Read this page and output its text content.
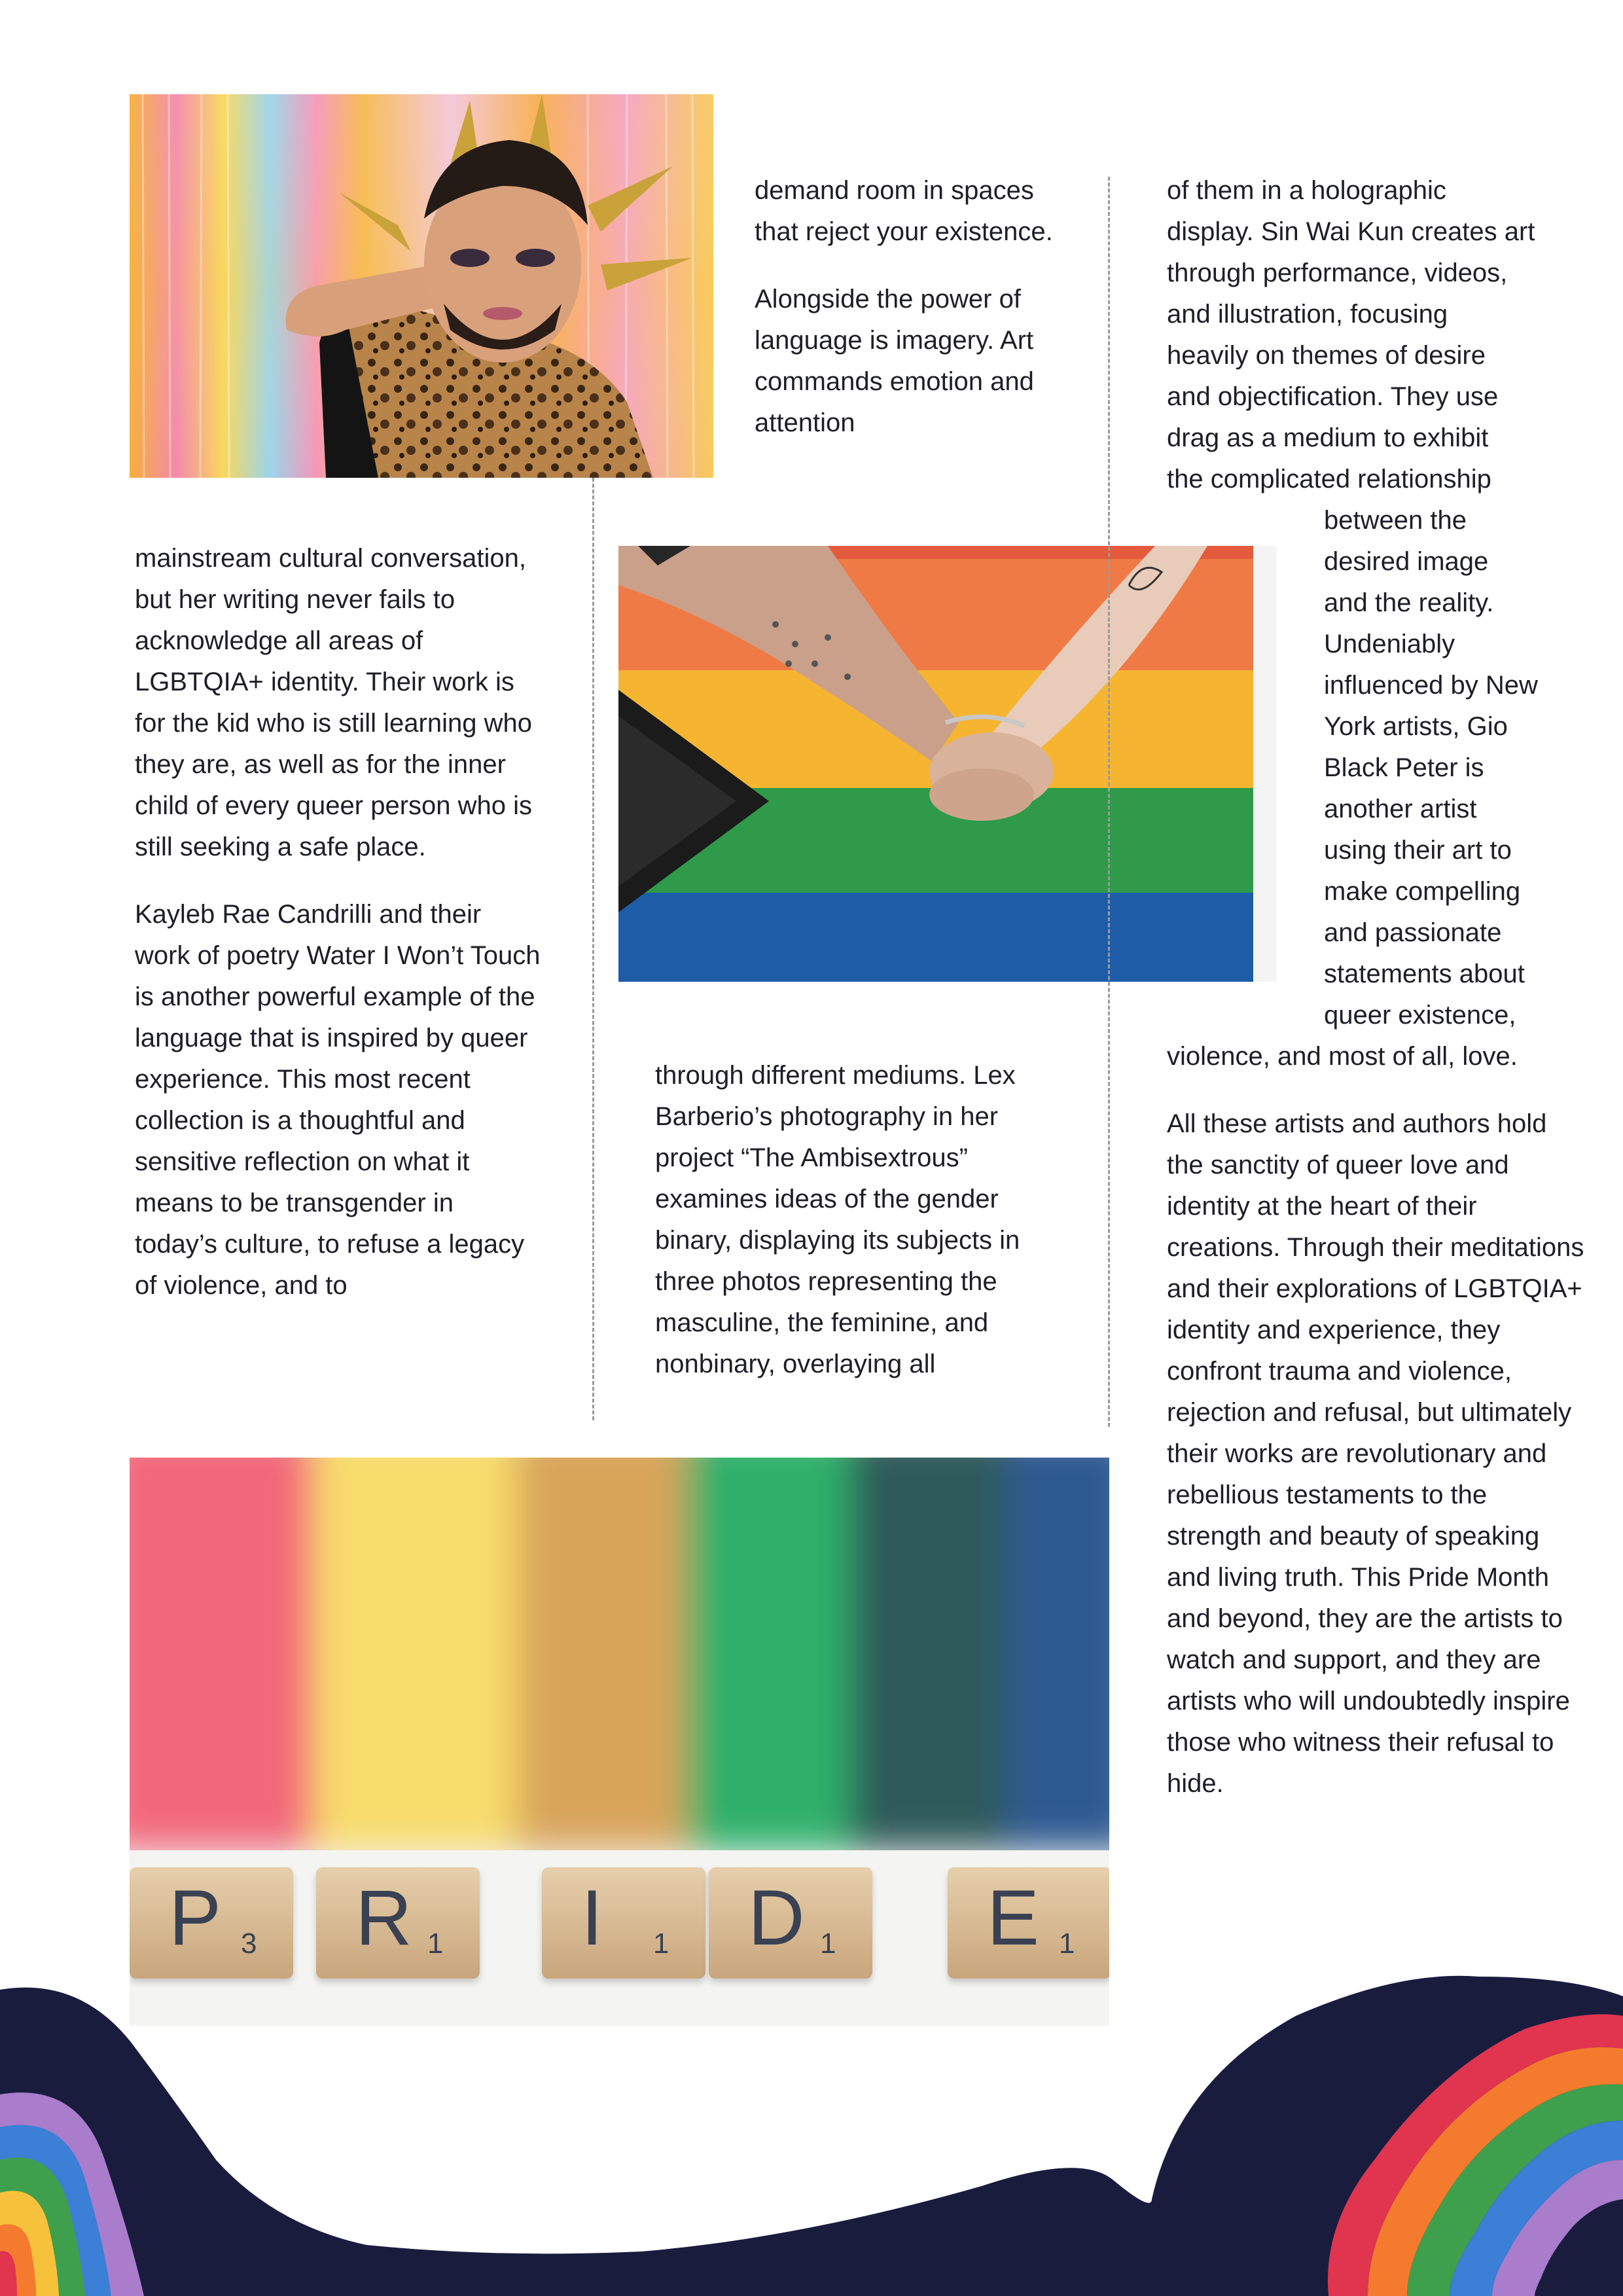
P 3 R 1 I 1 D 1 E 1

mainstream cultural conversation, but her writing never fails to acknowledge all areas of LGBTQIA+ identity. Their work is for the kid who is still learning who they are, as well as for the inner child of every queer person who is still seeking a safe place.

Kayleb Rae Candrilli and their work of poetry Water I Won’t Touch is another powerful example of the language that is inspired by queer experience. This most recent collection is a thoughtful and sensitive reflection on what it means to be transgender in today’s culture, to refuse a legacy of violence, and to

demand room in spaces that reject your existence.

Alongside the power of language is imagery. Art commands emotion and attention

through different mediums. Lex Barberio’s photography in her project “The Ambisextrous” examines ideas of the gender binary, displaying its subjects in three photos representing the masculine, the feminine, and nonbinary, overlaying all

of them in a holographic
display. Sin Wai Kun creates art
through performance, videos,
and illustration, focusing
heavily on themes of desire
and objectification. They use
drag as a medium to exhibit
the complicated relationship
between the
desired image
and the reality.
Undeniably
influenced by New
York artists, Gio
Black Peter is
another artist
using their art to
make compelling
and passionate
statements about
queer existence,
violence, and most of all, love.

All these artists and authors hold the sanctity of queer love and identity at the heart of their creations. Through their meditations and their explorations of LGBTQIA+ identity and experience, they confront trauma and violence, rejection and refusal, but ultimately their works are revolutionary and rebellious testaments to the strength and beauty of speaking and living truth. This Pride Month and beyond, they are the artists to watch and support, and they are artists who will undoubtedly inspire those who witness their refusal to hide.
